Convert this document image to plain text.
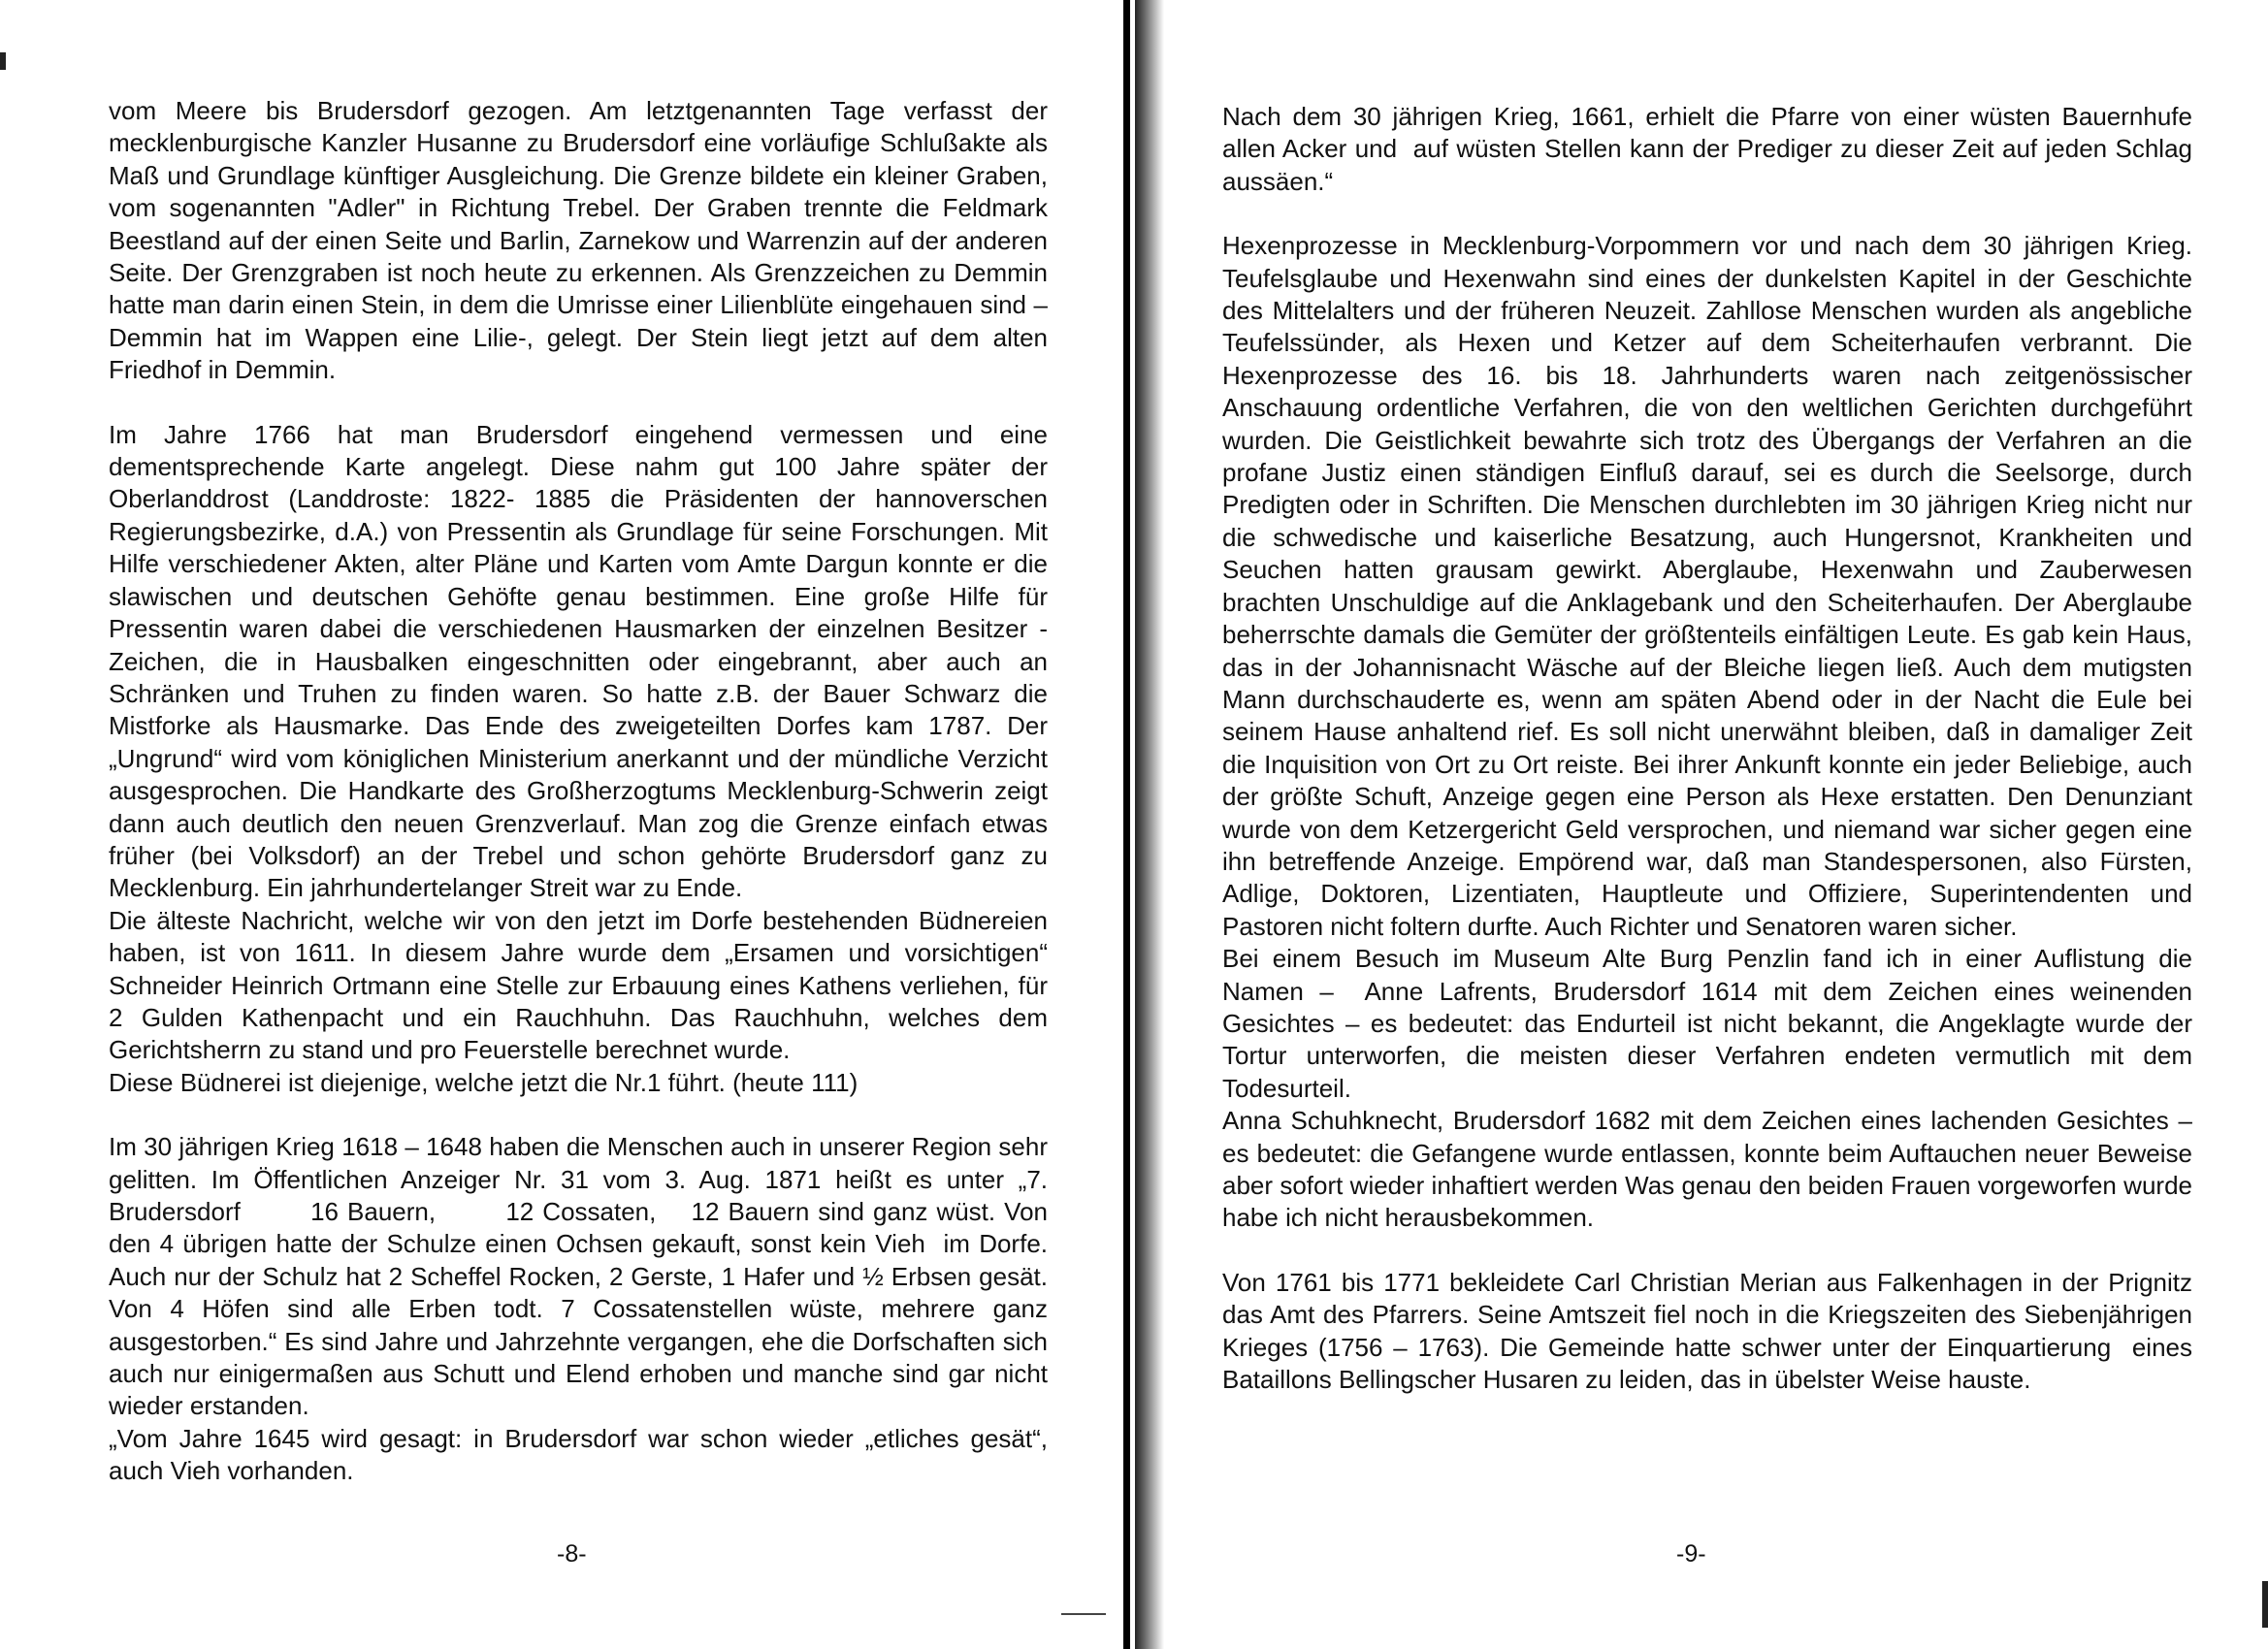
vom Meere bis Brudersdorf gezogen. Am letztgenannten Tage verfasst der mecklenburgische Kanzler Husanne zu Brudersdorf eine vorläufige Schlußakte als Maß und Grundlage künftiger Ausgleichung. Die Grenze bildete ein kleiner Graben, vom sogenannten "Adler" in Richtung Trebel. Der Graben trennte die Feldmark Beestland auf der einen Seite und Barlin, Zarnekow und Warrenzin auf der anderen Seite. Der Grenzgraben ist noch heute zu erkennen. Als Grenzzeichen zu Demmin hatte man darin einen Stein, in dem die Umrisse einer Lilienblüte eingehauen sind – Demmin hat im Wappen eine Lilie-, gelegt. Der Stein liegt jetzt auf dem alten Friedhof in Demmin.

Im Jahre 1766 hat man Brudersdorf eingehend vermessen und eine dementsprechende Karte angelegt. Diese nahm gut 100 Jahre später der Oberlanddrost (Landdroste: 1822- 1885 die Präsidenten der hannoverschen Regierungsbezirke, d.A.) von Pressentin als Grundlage für seine Forschungen. Mit Hilfe verschiedener Akten, alter Pläne und Karten vom Amte Dargun konnte er die slawischen und deutschen Gehöfte genau bestimmen. Eine große Hilfe für Pressentin waren dabei die verschiedenen Hausmarken der einzelnen Besitzer - Zeichen, die in Hausbalken eingeschnitten oder eingebrannt, aber auch an Schränken und Truhen zu finden waren. So hatte z.B. der Bauer Schwarz die Mistforke als Hausmarke. Das Ende des zweigeteilten Dorfes kam 1787. Der „Ungrund“ wird vom königlichen Ministerium anerkannt und der mündliche Verzicht ausgesprochen. Die Handkarte des Großherzogtums Mecklenburg-Schwerin zeigt dann auch deutlich den neuen Grenzverlauf. Man zog die Grenze einfach etwas früher (bei Volksdorf) an der Trebel und schon gehörte Brudersdorf ganz zu Mecklenburg. Ein jahrhundertelanger Streit war zu Ende.
Die älteste Nachricht, welche wir von den jetzt im Dorfe bestehenden Büdnereien haben, ist von 1611. In diesem Jahre wurde dem „Ersamen und vorsichtigen“ Schneider Heinrich Ortmann eine Stelle zur Erbauung eines Kathens verliehen, für 2 Gulden Kathenpacht und ein Rauchhuhn. Das Rauchhuhn, welches dem Gerichtsherrn zu stand und pro Feuerstelle berechnet wurde.
Diese Büdnerei ist diejenige, welche jetzt die Nr.1 führt. (heute 111)

Im 30 jährigen Krieg 1618 – 1648 haben die Menschen auch in unserer Region sehr gelitten. Im Öffentlichen Anzeiger Nr. 31 vom 3. Aug. 1871 heißt es unter „7. Brudersdorf        16 Bauern,        12 Cossaten,    12 Bauern sind ganz wüst. Von den 4 übrigen hatte der Schulze einen Ochsen gekauft, sonst kein Vieh  im Dorfe. Auch nur der Schulz hat 2 Scheffel Rocken, 2 Gerste, 1 Hafer und ½ Erbsen gesät. Von 4 Höfen sind alle Erben todt. 7 Cossatenstellen wüste, mehrere ganz ausgestorben.“ Es sind Jahre und Jahrzehnte vergangen, ehe die Dorfschaften sich auch nur einigermaßen aus Schutt und Elend erhoben und manche sind gar nicht wieder erstanden.
„Vom Jahre 1645 wird gesagt: in Brudersdorf war schon wieder „etliches gesät“, auch Vieh vorhanden.

-8-

Nach dem 30 jährigen Krieg, 1661, erhielt die Pfarre von einer wüsten Bauernhufe allen Acker und  auf wüsten Stellen kann der Prediger zu dieser Zeit auf jeden Schlag aussäen.“

Hexenprozesse in Mecklenburg-Vorpommern vor und nach dem 30 jährigen Krieg. Teufelsglaube und Hexenwahn sind eines der dunkelsten Kapitel in der Geschichte des Mittelalters und der früheren Neuzeit. Zahllose Menschen wurden als angebliche Teufelssünder, als Hexen und Ketzer auf dem Scheiterhaufen verbrannt. Die Hexenprozesse des 16. bis 18. Jahrhunderts waren nach zeitgenössischer Anschauung ordentliche Verfahren, die von den weltlichen Gerichten durchgeführt wurden. Die Geistlichkeit bewahrte sich trotz des Übergangs der Verfahren an die profane Justiz einen ständigen Einfluß darauf, sei es durch die Seelsorge, durch Predigten oder in Schriften. Die Menschen durchlebten im 30 jährigen Krieg nicht nur die schwedische und kaiserliche Besatzung, auch Hungersnot, Krankheiten und Seuchen hatten grausam gewirkt. Aberglaube, Hexenwahn und Zauberwesen brachten Unschuldige auf die Anklagebank und den Scheiterhaufen. Der Aberglaube beherrschte damals die Gemüter der größtenteils einfältigen Leute. Es gab kein Haus, das in der Johannisnacht Wäsche auf der Bleiche liegen ließ. Auch dem mutigsten Mann durchschauderte es, wenn am späten Abend oder in der Nacht die Eule bei seinem Hause anhaltend rief. Es soll nicht unerwähnt bleiben, daß in damaliger Zeit die Inquisition von Ort zu Ort reiste. Bei ihrer Ankunft konnte ein jeder Beliebige, auch der größte Schuft, Anzeige gegen eine Person als Hexe erstatten. Den Denunziant wurde von dem Ketzergericht Geld versprochen, und niemand war sicher gegen eine ihn betreffende Anzeige. Empörend war, daß man Standespersonen, also Fürsten, Adlige, Doktoren, Lizentiaten, Hauptleute und Offiziere, Superintendenten und Pastoren nicht foltern durfte. Auch Richter und Senatoren waren sicher.
Bei einem Besuch im Museum Alte Burg Penzlin fand ich in einer Auflistung die Namen –  Anne Lafrents, Brudersdorf 1614 mit dem Zeichen eines weinenden Gesichtes – es bedeutet: das Endurteil ist nicht bekannt, die Angeklagte wurde der Tortur unterworfen, die meisten dieser Verfahren endeten vermutlich mit dem Todesurteil.
Anna Schuhknecht, Brudersdorf 1682 mit dem Zeichen eines lachenden Gesichtes – es bedeutet: die Gefangene wurde entlassen, konnte beim Auftauchen neuer Beweise aber sofort wieder inhaftiert werden Was genau den beiden Frauen vorgeworfen wurde habe ich nicht herausbekommen.

Von 1761 bis 1771 bekleidete Carl Christian Merian aus Falkenhagen in der Prignitz das Amt des Pfarrers. Seine Amtszeit fiel noch in die Kriegszeiten des Siebenjährigen Krieges (1756 – 1763). Die Gemeinde hatte schwer unter der Einquartierung  eines Bataillons Bellingscher Husaren zu leiden, das in übelster Weise hauste.

-9-
